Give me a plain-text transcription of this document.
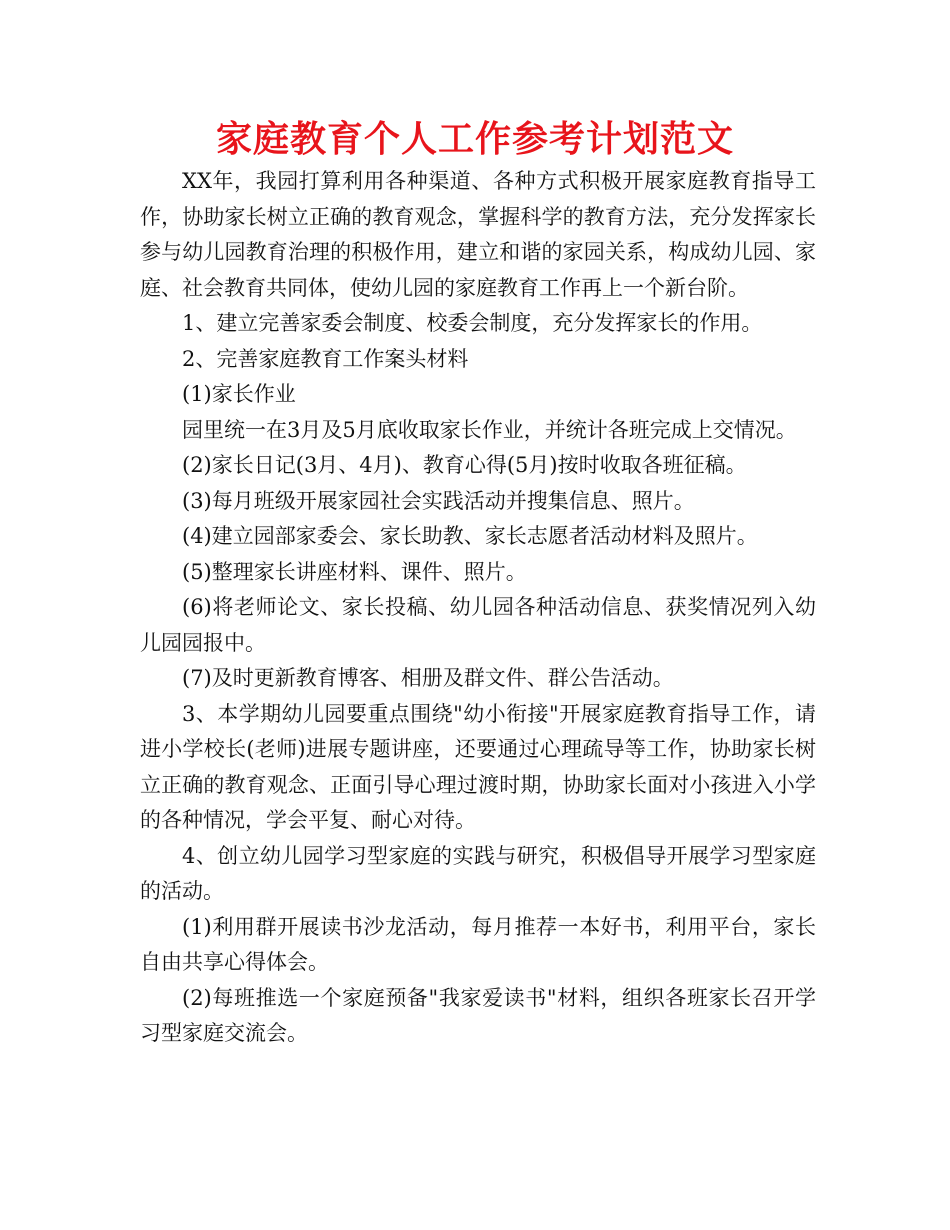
家庭教育个人工作参考计划范文

XX年，我园打算利用各种渠道、各种方式积极开展家庭教育指导工作，协助家长树立正确的教育观念，掌握科学的教育方法，充分发挥家长参与幼儿园教育治理的积极作用，建立和谐的家园关系，构成幼儿园、家庭、社会教育共同体，使幼儿园的家庭教育工作再上一个新台阶。

1、建立完善家委会制度、校委会制度，充分发挥家长的作用。

2、完善家庭教育工作案头材料

(1)家长作业

园里统一在3月及5月底收取家长作业，并统计各班完成上交情况。

(2)家长日记(3月、4月)、教育心得(5月)按时收取各班征稿。

(3)每月班级开展家园社会实践活动并搜集信息、照片。

(4)建立园部家委会、家长助教、家长志愿者活动材料及照片。

(5)整理家长讲座材料、课件、照片。

(6)将老师论文、家长投稿、幼儿园各种活动信息、获奖情况列入幼儿园园报中。

(7)及时更新教育博客、相册及群文件、群公告活动。

3、本学期幼儿园要重点围绕"幼小衔接"开展家庭教育指导工作，请进小学校长(老师)进展专题讲座，还要通过心理疏导等工作，协助家长树立正确的教育观念、正面引导心理过渡时期，协助家长面对小孩进入小学的各种情况，学会平复、耐心对待。

4、创立幼儿园学习型家庭的实践与研究，积极倡导开展学习型家庭的活动。

(1)利用群开展读书沙龙活动，每月推荐一本好书，利用平台，家长自由共享心得体会。

(2)每班推选一个家庭预备"我家爱读书"材料，组织各班家长召开学习型家庭交流会。
